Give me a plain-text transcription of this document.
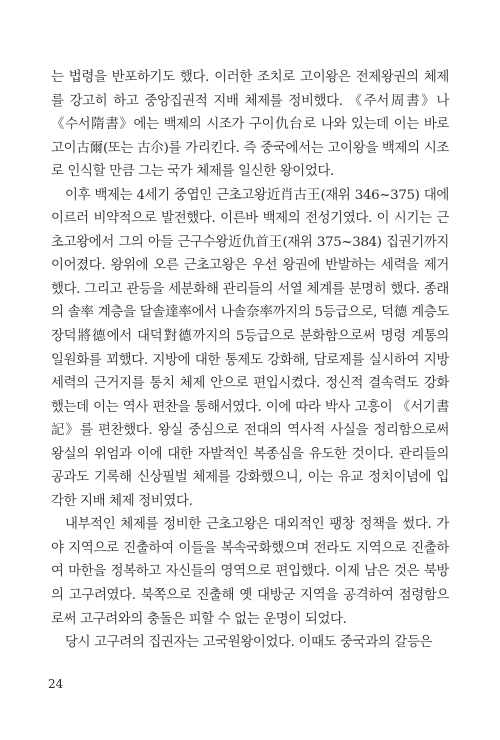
는 법령을 반포하기도 했다. 이러한 조치로 고이왕은 전제왕권의 체제를 강고히 하고 중앙집권적 지배 체제를 정비했다. 《주서周書》나 《수서隋書》에는 백제의 시조가 구이仇台로 나와 있는데 이는 바로 고이古爾(또는 古尒)를 가리킨다. 즉 중국에서는 고이왕을 백제의 시조로 인식할 만큼 그는 국가 체제를 일신한 왕이었다.

이후 백제는 4세기 중엽인 근초고왕近肖古王(재위 346~375) 대에 이르러 비약적으로 발전했다. 이른바 백제의 전성기였다. 이 시기는 근초고왕에서 그의 아들 근구수왕近仇首王(재위 375~384) 집권기까지 이어졌다. 왕위에 오른 근초고왕은 우선 왕권에 반발하는 세력을 제거했다. 그리고 관등을 세분화해 관리들의 서열 체계를 분명히 했다. 종래의 솔率 계층을 달솔達率에서 나솔奈率까지의 5등급으로, 덕德 계층도 장덕將德에서 대덕對德까지의 5등급으로 분화함으로써 명령 계통의 일원화를 꾀했다. 지방에 대한 통제도 강화해, 담로제를 실시하여 지방 세력의 근거지를 통치 체제 안으로 편입시켰다. 정신적 결속력도 강화했는데 이는 역사 편찬을 통해서였다. 이에 따라 박사 고흥이 《서기書記》를 편찬했다. 왕실 중심으로 전대의 역사적 사실을 정리함으로써 왕실의 위엄과 이에 대한 자발적인 복종심을 유도한 것이다. 관리들의 공과도 기록해 신상필벌 체제를 강화했으니, 이는 유교 정치이념에 입각한 지배 체제 정비였다.

내부적인 체제를 정비한 근초고왕은 대외적인 팽창 정책을 썼다. 가야 지역으로 진출하여 이들을 복속국화했으며 전라도 지역으로 진출하여 마한을 정복하고 자신들의 영역으로 편입했다. 이제 남은 것은 북방의 고구려였다. 북쪽으로 진출해 옛 대방군 지역을 공격하여 점령함으로써 고구려와의 충돌은 피할 수 없는 운명이 되었다.

당시 고구려의 집권자는 고국원왕이었다. 이때도 중국과의 갈등은

24
